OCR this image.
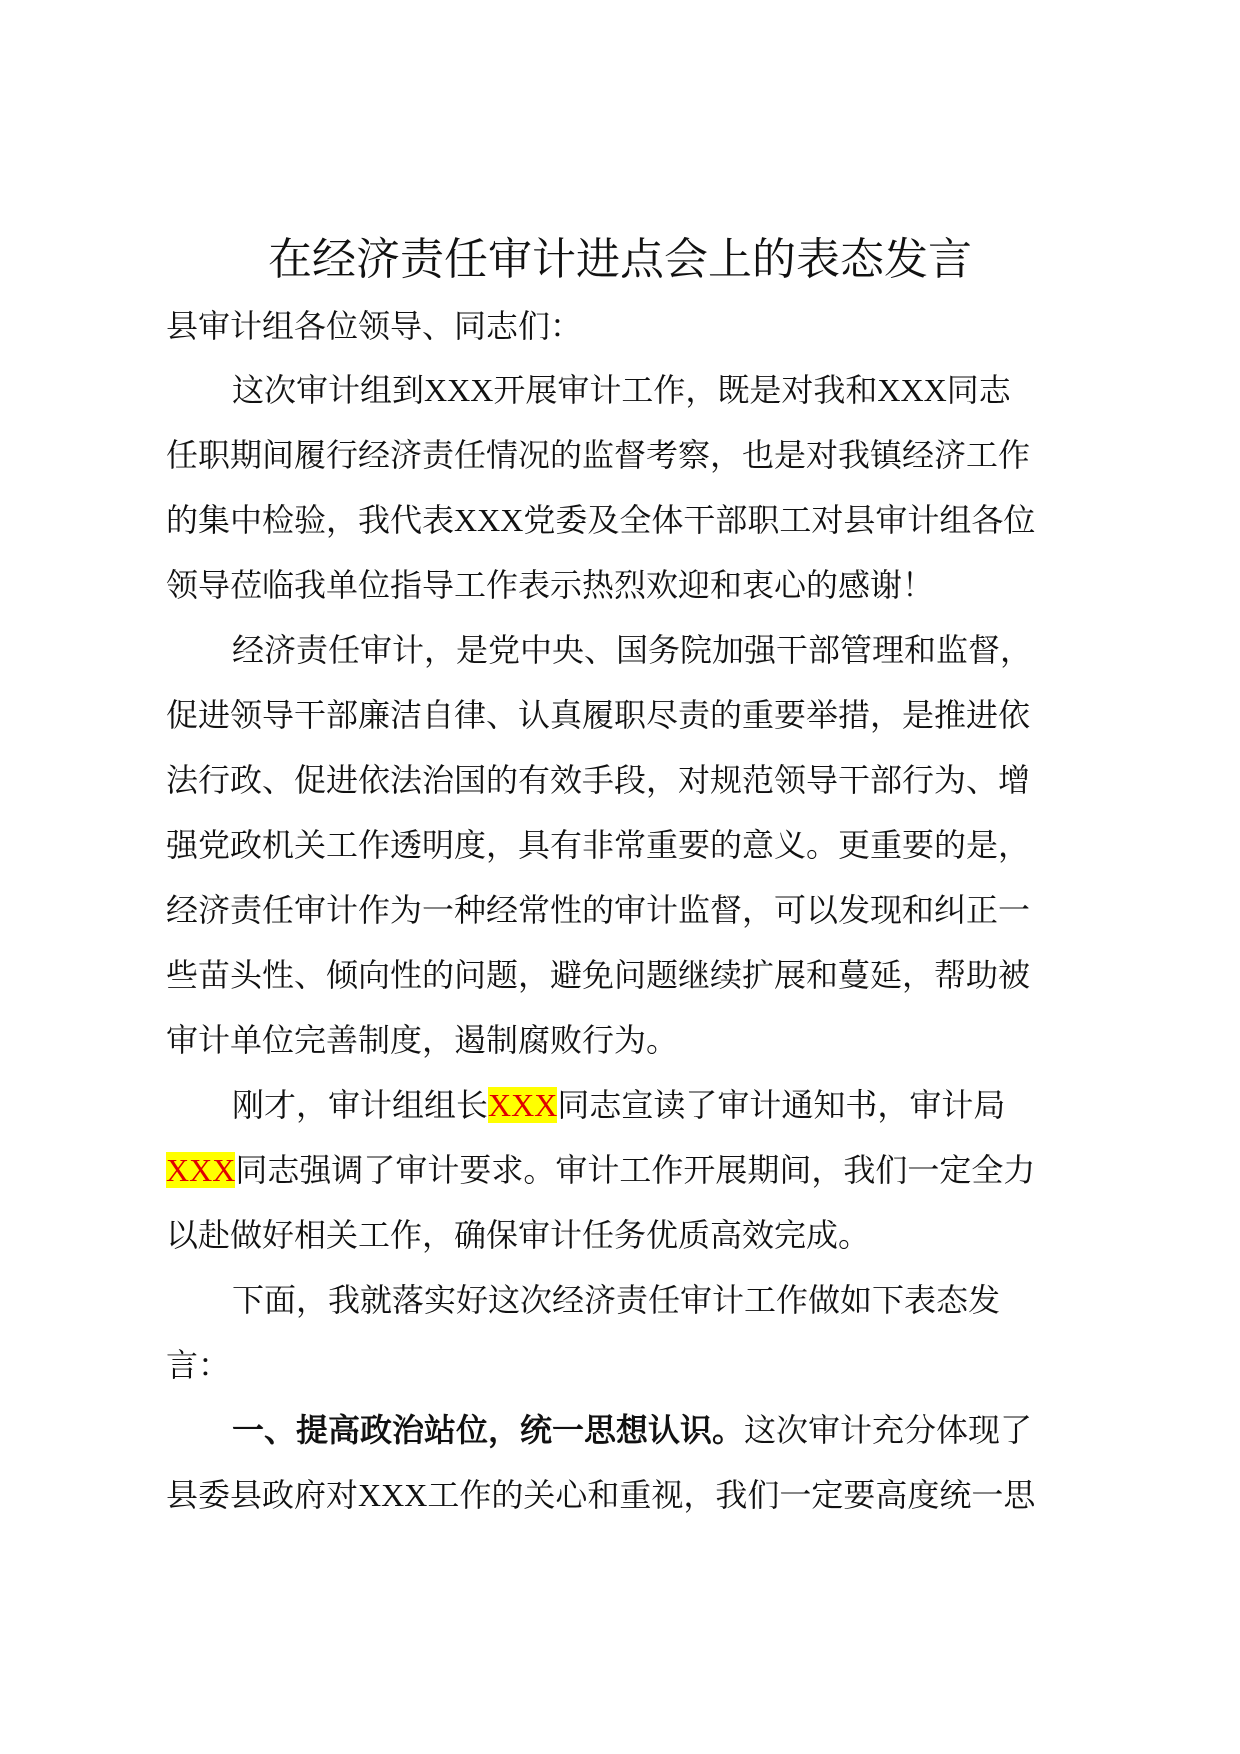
在经济责任审计进点会上的表态发言
县审计组各位领导、同志们：

这次审计组到XXX开展审计工作，既是对我和XXX同志
任职期间履行经济责任情况的监督考察，也是对我镇经济工作
的集中检验，我代表XXX党委及全体干部职工对县审计组各位
领导莅临我单位指导工作表示热烈欢迎和衷心的感谢！

经济责任审计，是党中央、国务院加强干部管理和监督，
促进领导干部廉洁自律、认真履职尽责的重要举措，是推进依
法行政、促进依法治国的有效手段，对规范领导干部行为、增
强党政机关工作透明度，具有非常重要的意义。更重要的是，
经济责任审计作为一种经常性的审计监督，可以发现和纠正一
些苗头性、倾向性的问题，避免问题继续扩展和蔓延，帮助被
审计单位完善制度，遏制腐败行为。

刚才，审计组组长XXX同志宣读了审计通知书，审计局
XXX同志强调了审计要求。审计工作开展期间，我们一定全力
以赴做好相关工作，确保审计任务优质高效完成。

下面，我就落实好这次经济责任审计工作做如下表态发
言：

一、提高政治站位，统一思想认识。这次审计充分体现了
县委县政府对XXX工作的关心和重视，我们一定要高度统一思
